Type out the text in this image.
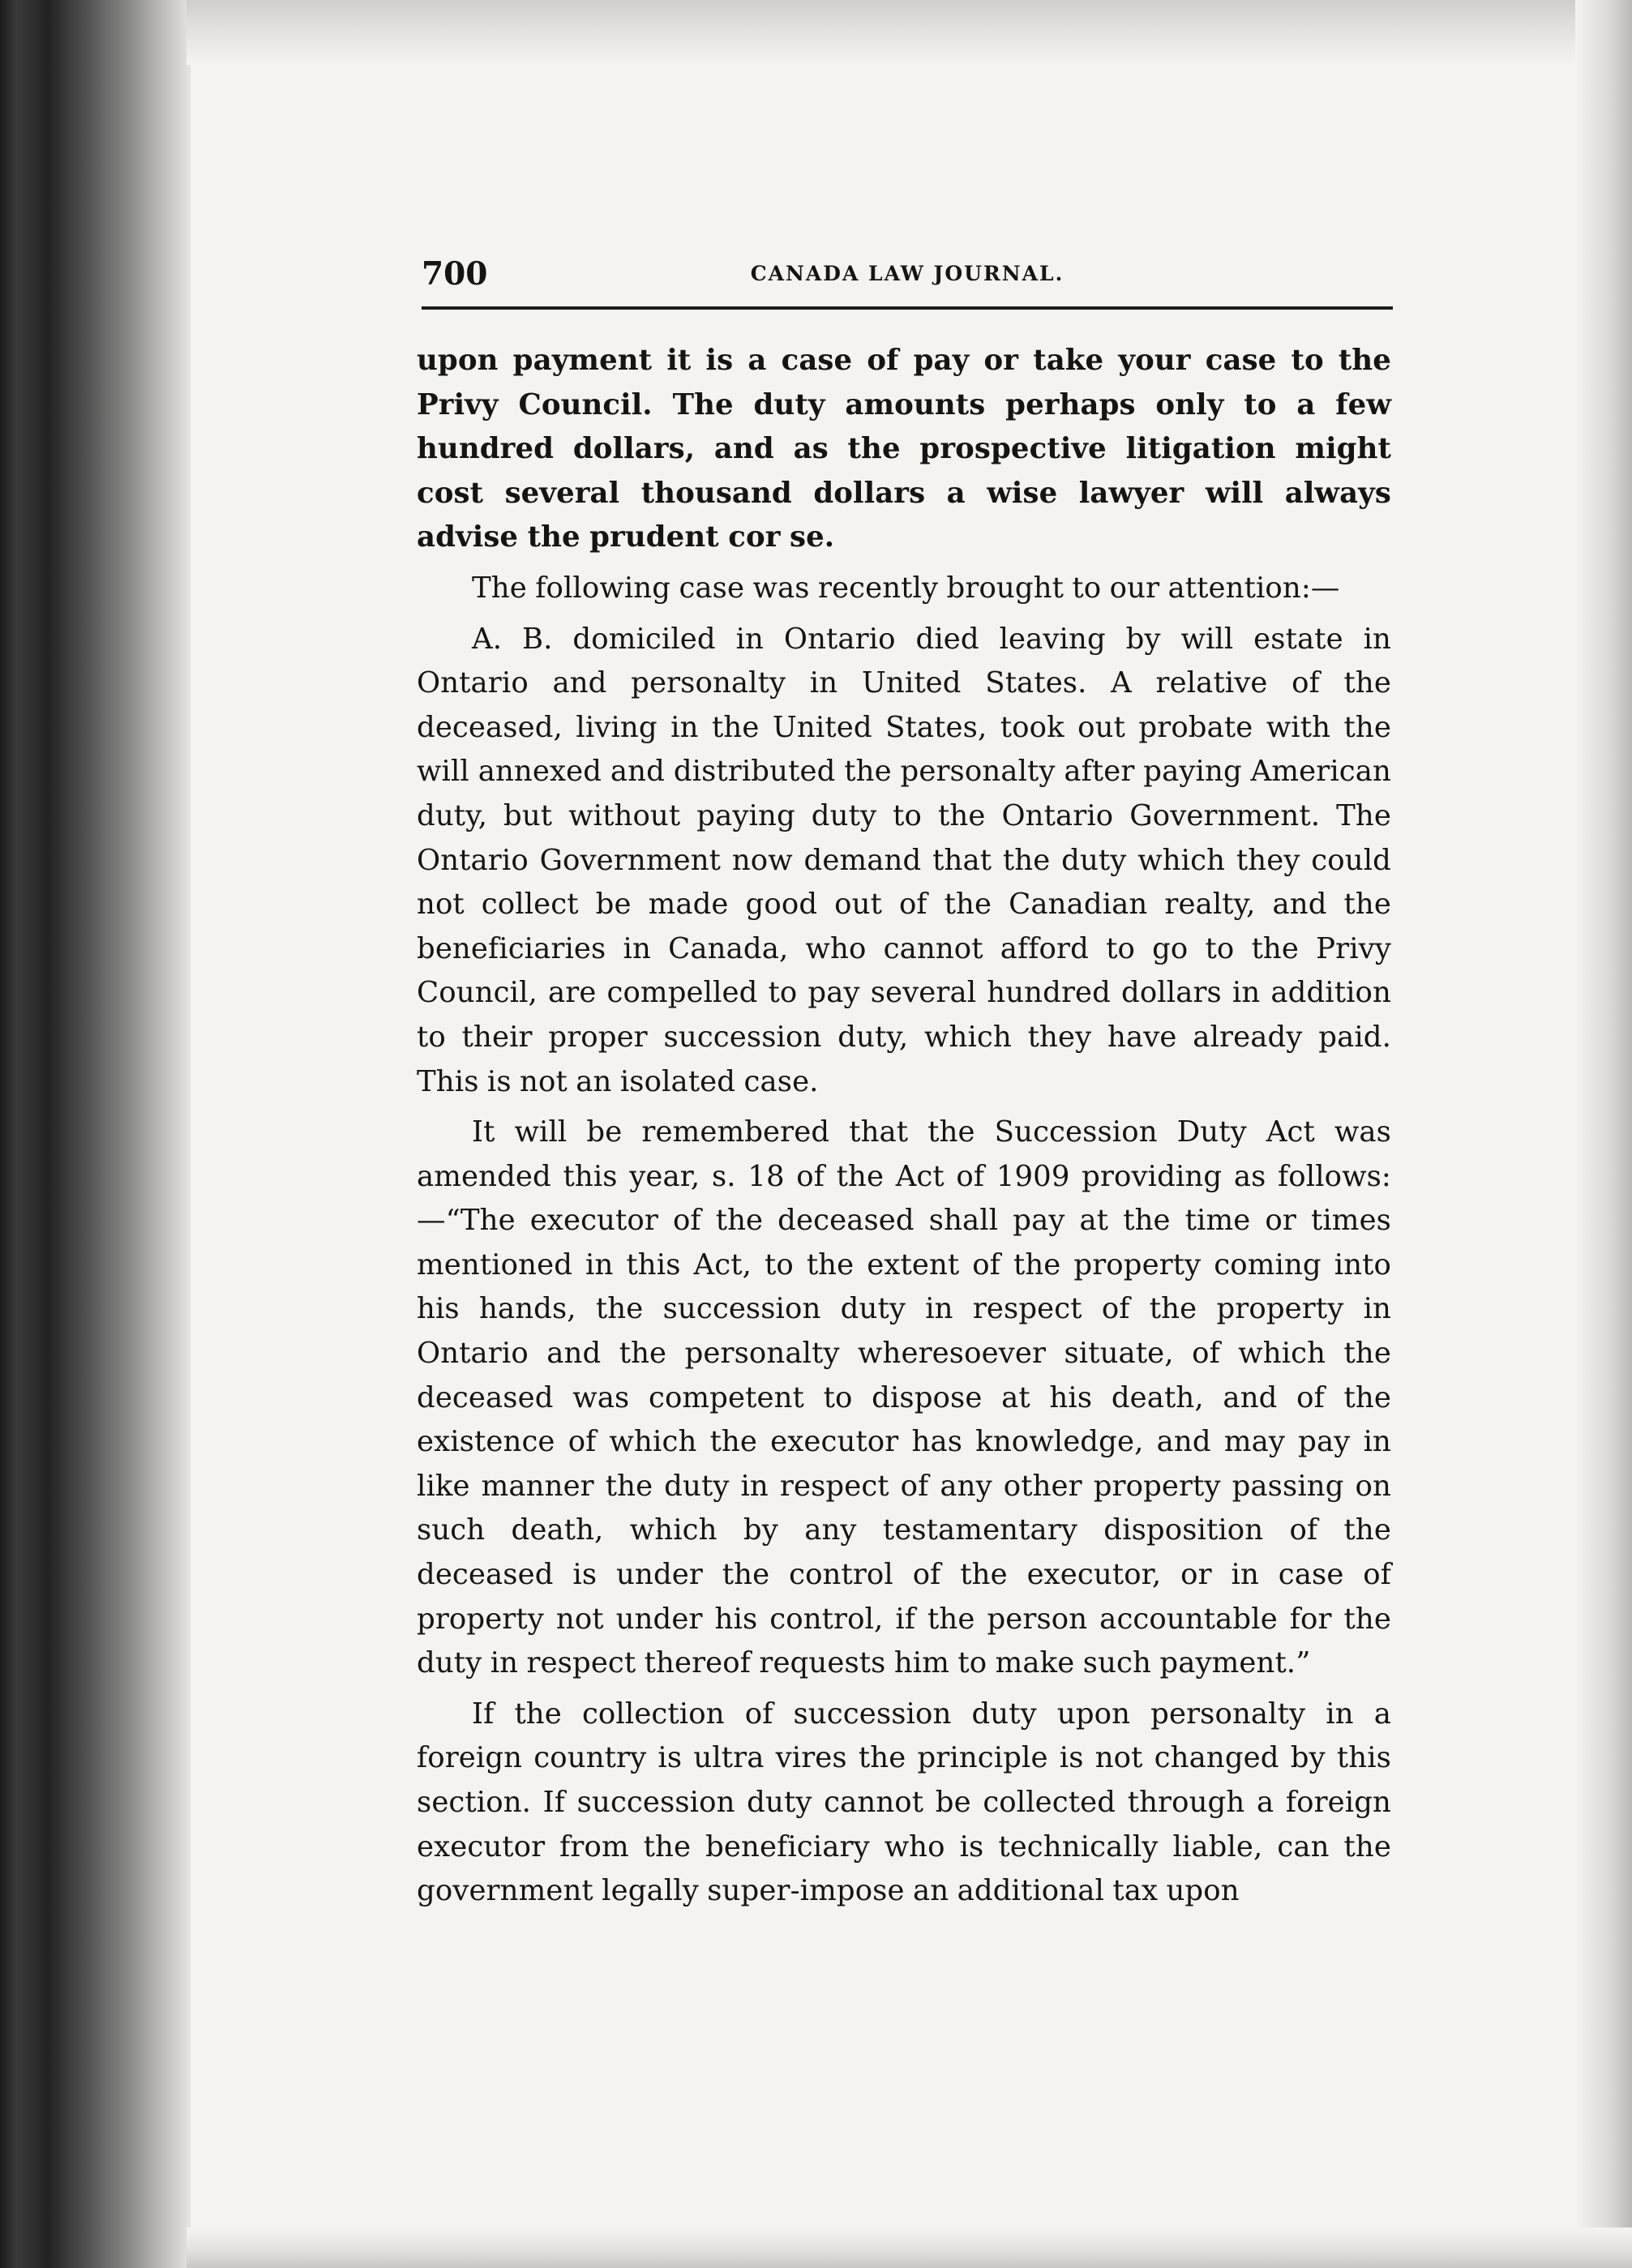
700	CANADA LAW JOURNAL.

upon payment it is a case of pay or take your case to the Privy Council. The duty amounts perhaps only to a few hundred dollars, and as the prospective litigation might cost several thousand dollars a wise lawyer will always advise the prudent cor se.

The following case was recently brought to our attention:—

A. B. domiciled in Ontario died leaving by will estate in Ontario and personalty in United States. A relative of the deceased, living in the United States, took out probate with the will annexed and distributed the personalty after paying American duty, but without paying duty to the Ontario Government. The Ontario Government now demand that the duty which they could not collect be made good out of the Canadian realty, and the beneficiaries in Canada, who cannot afford to go to the Privy Council, are compelled to pay several hundred dollars in addition to their proper succession duty, which they have already paid. This is not an isolated case.

It will be remembered that the Succession Duty Act was amended this year, s. 18 of the Act of 1909 providing as follows:—“The executor of the deceased shall pay at the time or times mentioned in this Act, to the extent of the property coming into his hands, the succession duty in respect of the property in Ontario and the personalty wheresoever situate, of which the deceased was competent to dispose at his death, and of the existence of which the executor has knowledge, and may pay in like manner the duty in respect of any other property passing on such death, which by any testamentary disposition of the deceased is under the control of the executor, or in case of property not under his control, if the person accountable for the duty in respect thereof requests him to make such payment.”

If the collection of succession duty upon personalty in a foreign country is ultra vires the principle is not changed by this section. If succession duty cannot be collected through a foreign executor from the beneficiary who is technically liable, can the government legally super-impose an additional tax upon
